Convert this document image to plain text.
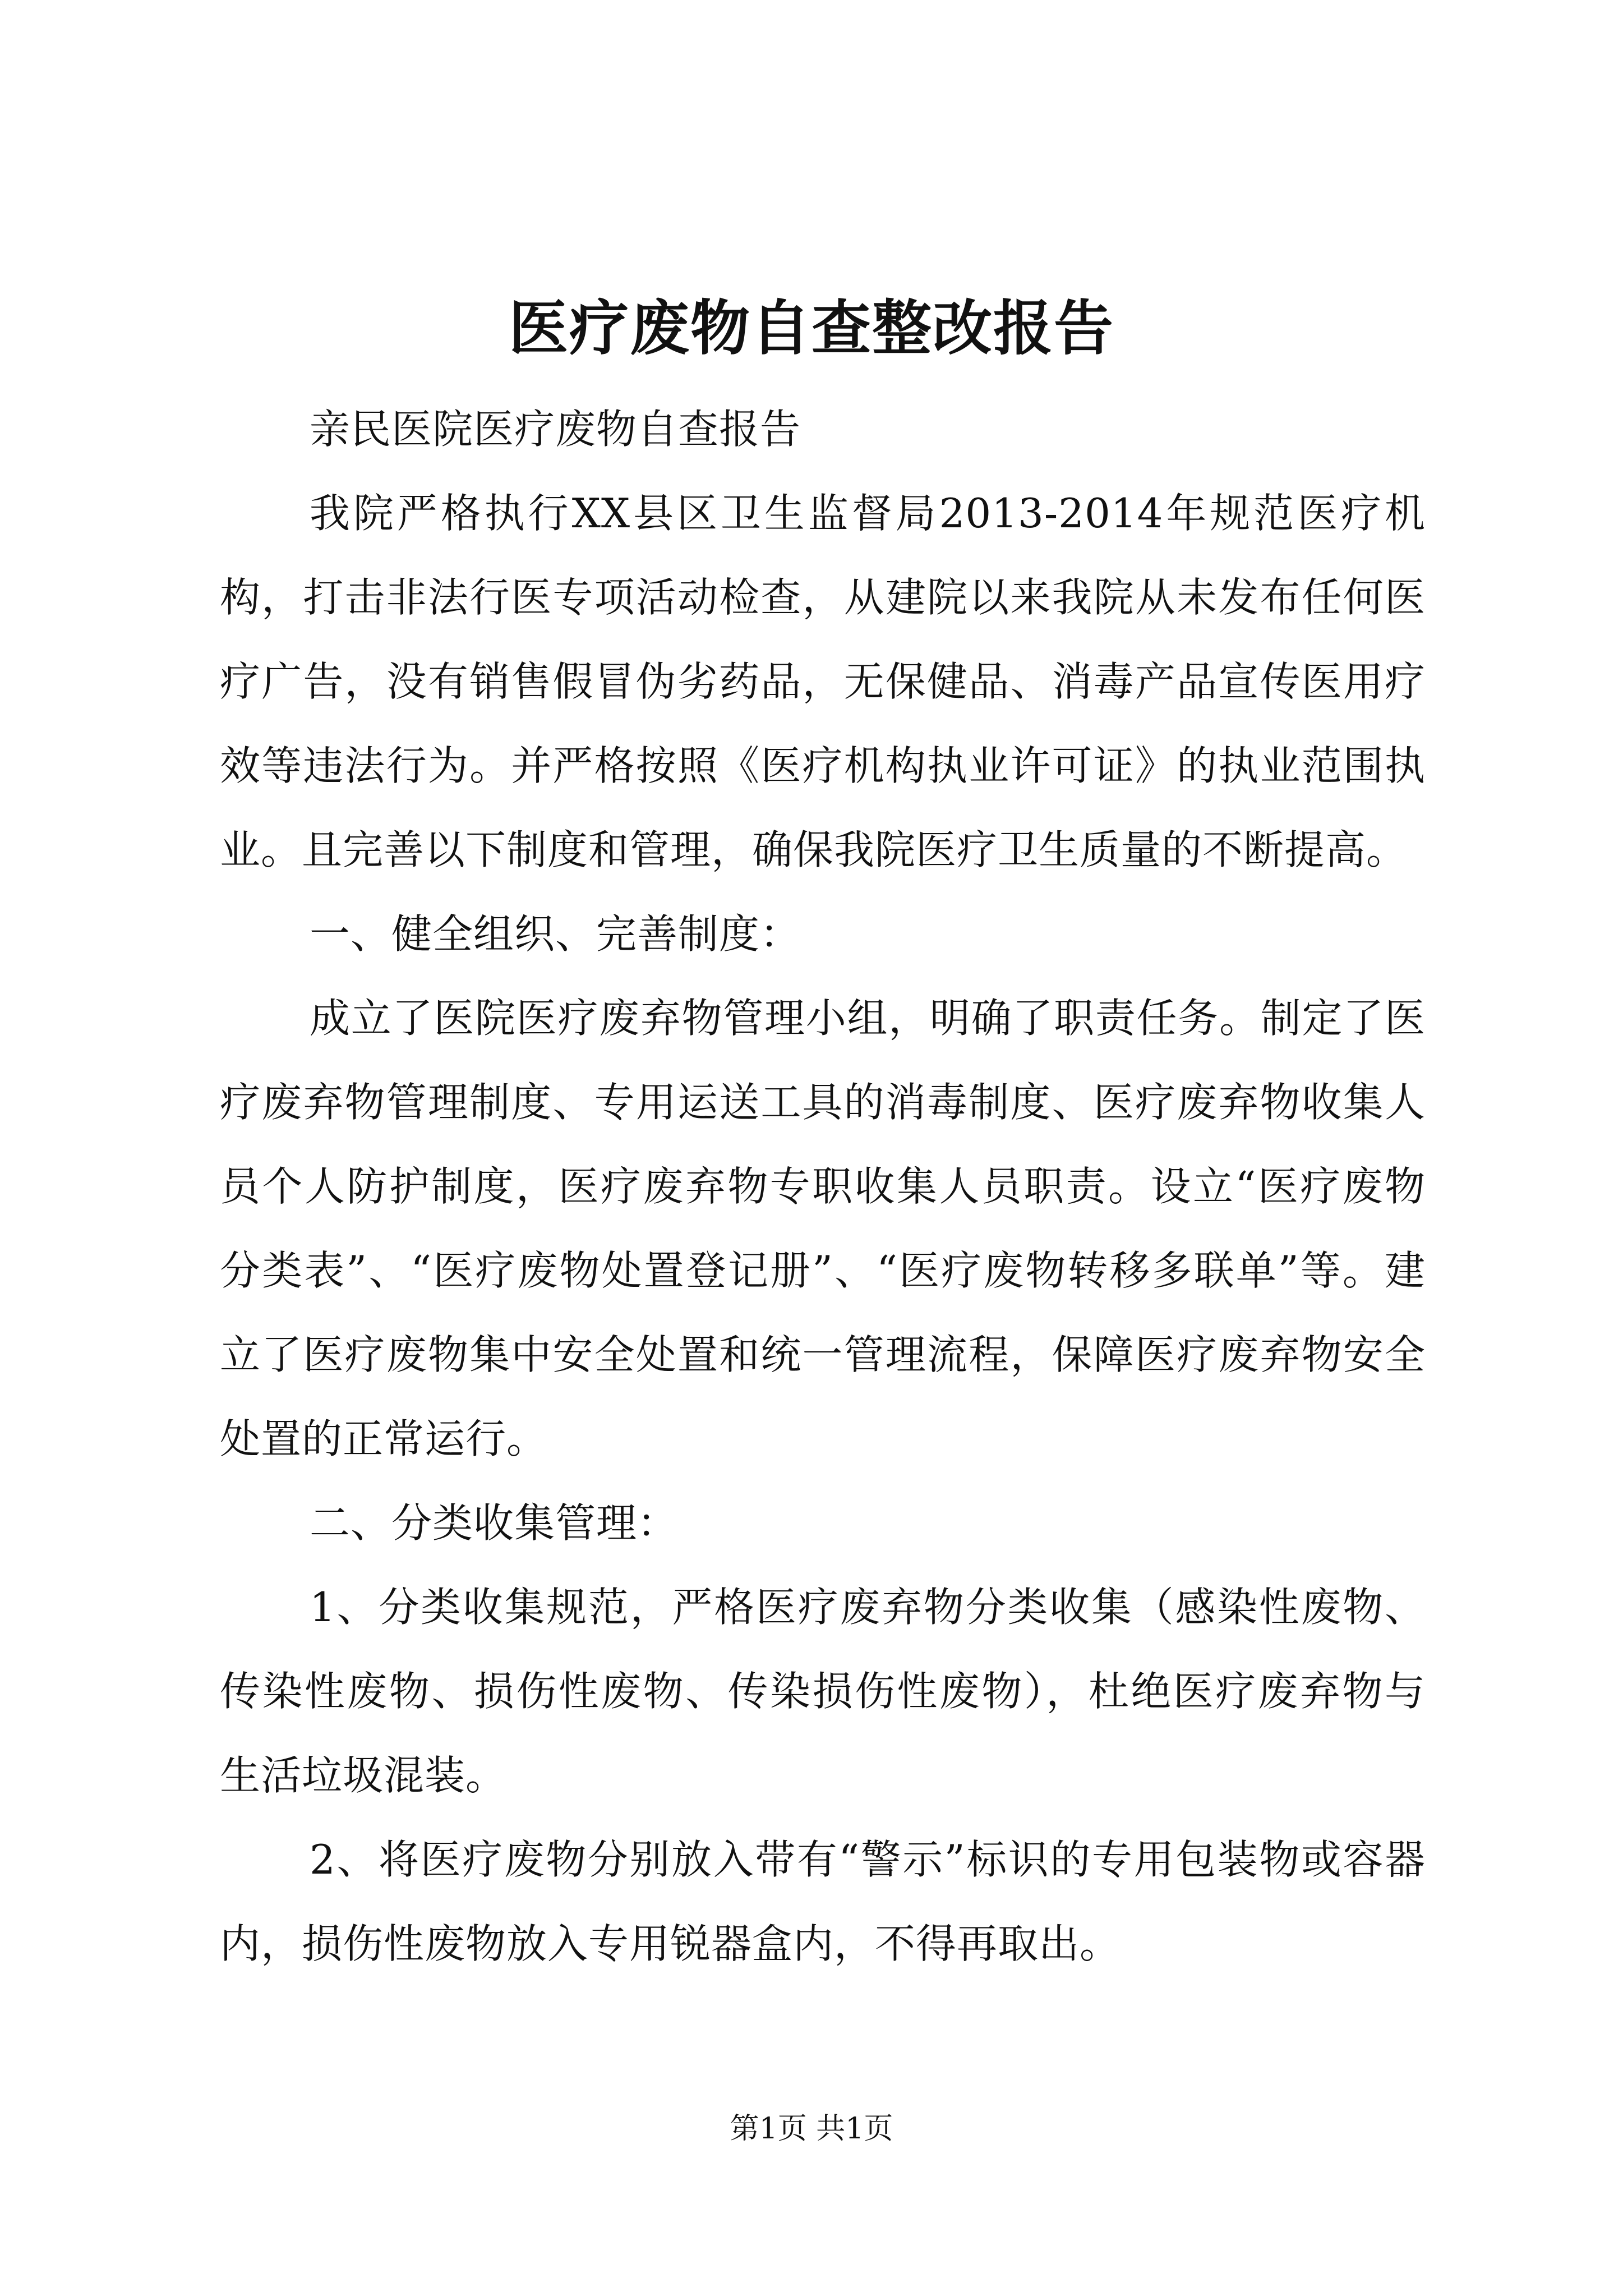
医疗废物自查整改报告

亲民医院医疗废物自查报告

我院严格执行XX县区卫生监督局2013-2014年规范医疗机构，打击非法行医专项活动检查，从建院以来我院从未发布任何医疗广告，没有销售假冒伪劣药品，无保健品、消毒产品宣传医用疗效等违法行为。并严格按照《医疗机构执业许可证》的执业范围执业。且完善以下制度和管理，确保我院医疗卫生质量的不断提高。

一、健全组织、完善制度：

成立了医院医疗废弃物管理小组，明确了职责任务。制定了医疗废弃物管理制度、专用运送工具的消毒制度、医疗废弃物收集人员个人防护制度，医疗废弃物专职收集人员职责。设立“医疗废物分类表”、“医疗废物处置登记册”、“医疗废物转移多联单”等。建立了医疗废物集中安全处置和统一管理流程，保障医疗废弃物安全处置的正常运行。

二、分类收集管理：

1、分类收集规范，严格医疗废弃物分类收集（感染性废物、传染性废物、损伤性废物、传染损伤性废物），杜绝医疗废弃物与生活垃圾混装。

2、将医疗废物分别放入带有“警示”标识的专用包装物或容器内，损伤性废物放入专用锐器盒内，不得再取出。

第1页 共1页
